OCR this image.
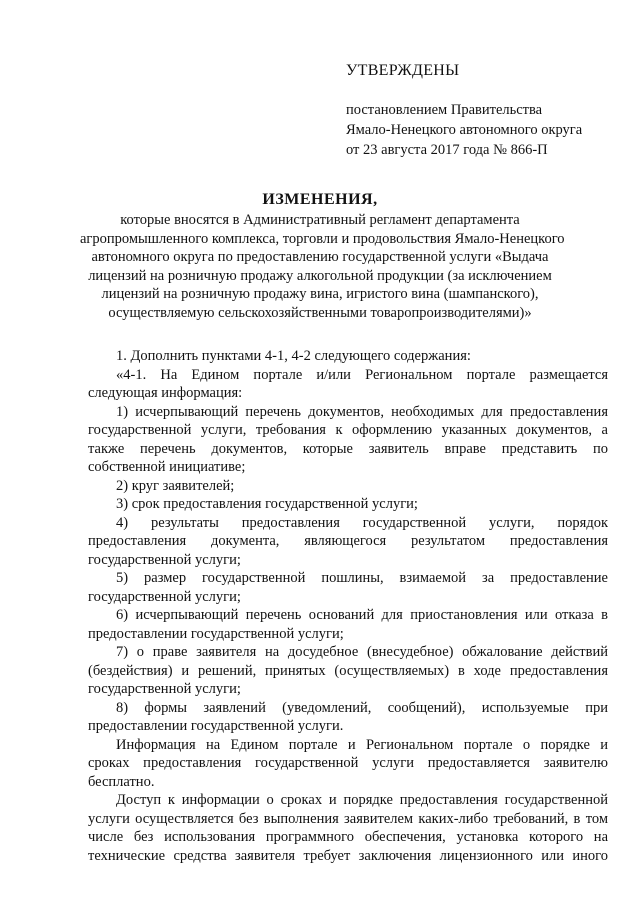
УТВЕРЖДЕНЫ
постановлением Правительства
Ямало-Ненецкого автономного округа
от 23 августа 2017 года № 866-П
ИЗМЕНЕНИЯ,
которые вносятся в Административный регламент департамента
агропромышленного комплекса, торговли и продовольствия Ямало-Ненецкого
автономного округа по предоставлению государственной услуги «Выдача
лицензий на розничную продажу алкогольной продукции (за исключением
лицензий на розничную продажу вина, игристого вина (шампанского),
осуществляемую сельскохозяйственными товаропроизводителями)»
1. Дополнить пунктами 4-1, 4-2 следующего содержания:
«4-1. На Едином портале и/или Региональном портале размещается
следующая информация:
1) исчерпывающий перечень документов, необходимых для предоставления
государственной услуги, требования к оформлению указанных документов, а
также перечень документов, которые заявитель вправе представить по
собственной инициативе;
2) круг заявителей;
3) срок предоставления государственной услуги;
4) результаты предоставления государственной услуги, порядок
предоставления документа, являющегося результатом предоставления
государственной услуги;
5) размер государственной пошлины, взимаемой за предоставление
государственной услуги;
6) исчерпывающий перечень оснований для приостановления или отказа в
предоставлении государственной услуги;
7) о праве заявителя на досудебное (внесудебное) обжалование действий
(бездействия) и решений, принятых (осуществляемых) в ходе предоставления
государственной услуги;
8) формы заявлений (уведомлений, сообщений), используемые при
предоставлении государственной услуги.
Информация на Едином портале и Региональном портале о порядке и
сроках предоставления государственной услуги предоставляется заявителю
бесплатно.
Доступ к информации о сроках и порядке предоставления государственной
услуги осуществляется без выполнения заявителем каких-либо требований, в том
числе без использования программного обеспечения, установка которого на
технические средства заявителя требует заключения лицензионного или иного
